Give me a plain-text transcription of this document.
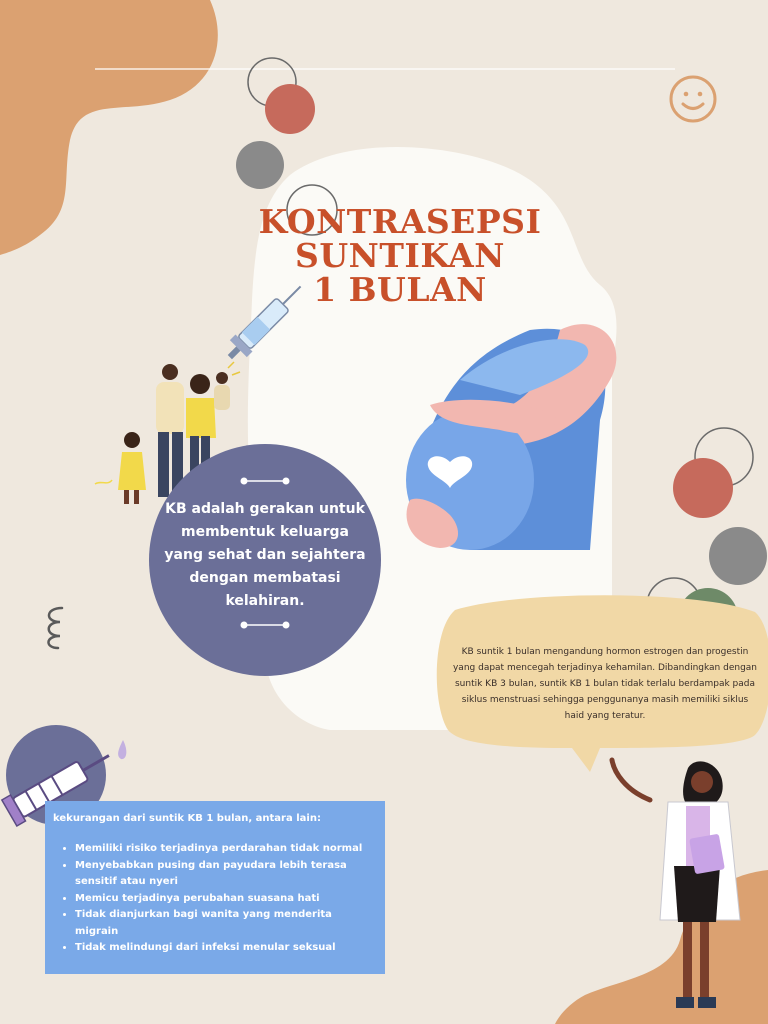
KONTRASEPSI
SUNTIKAN
1 BULAN
KB adalah gerakan untuk membentuk keluarga yang sehat dan sejahtera dengan membatasi kelahiran.
KB suntik 1 bulan mengandung hormon estrogen dan progestin yang dapat mencegah terjadinya kehamilan. Dibandingkan dengan suntik KB 3 bulan, suntik KB 1 bulan tidak terlalu berdampak pada siklus menstruasi sehingga penggunanya masih memiliki siklus haid yang teratur.
kekurangan dari suntik KB 1 bulan, antara lain:
• Memiliki risiko terjadinya perdarahan tidak normal
• Menyebabkan pusing dan payudara lebih terasa sensitif atau nyeri
• Memicu terjadinya perubahan suasana hati
• Tidak dianjurkan bagi wanita yang menderita migrain
• Tidak melindungi dari infeksi menular seksual
